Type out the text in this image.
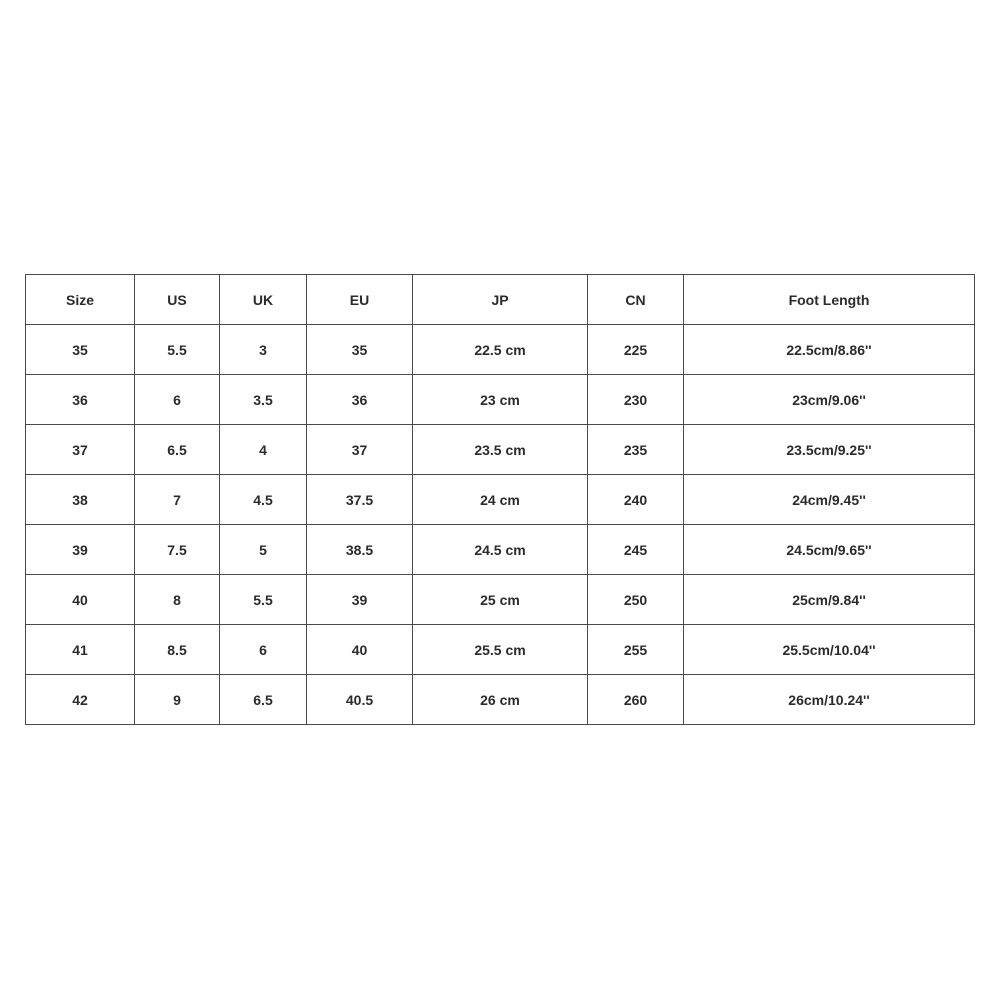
Size	US	UK	EU	JP	CN	Foot Length
35	5.5	3	35	22.5 cm	225	22.5cm/8.86''
36	6	3.5	36	23 cm	230	23cm/9.06''
37	6.5	4	37	23.5 cm	235	23.5cm/9.25''
38	7	4.5	37.5	24 cm	240	24cm/9.45''
39	7.5	5	38.5	24.5 cm	245	24.5cm/9.65''
40	8	5.5	39	25 cm	250	25cm/9.84''
41	8.5	6	40	25.5 cm	255	25.5cm/10.04''
42	9	6.5	40.5	26 cm	260	26cm/10.24''
